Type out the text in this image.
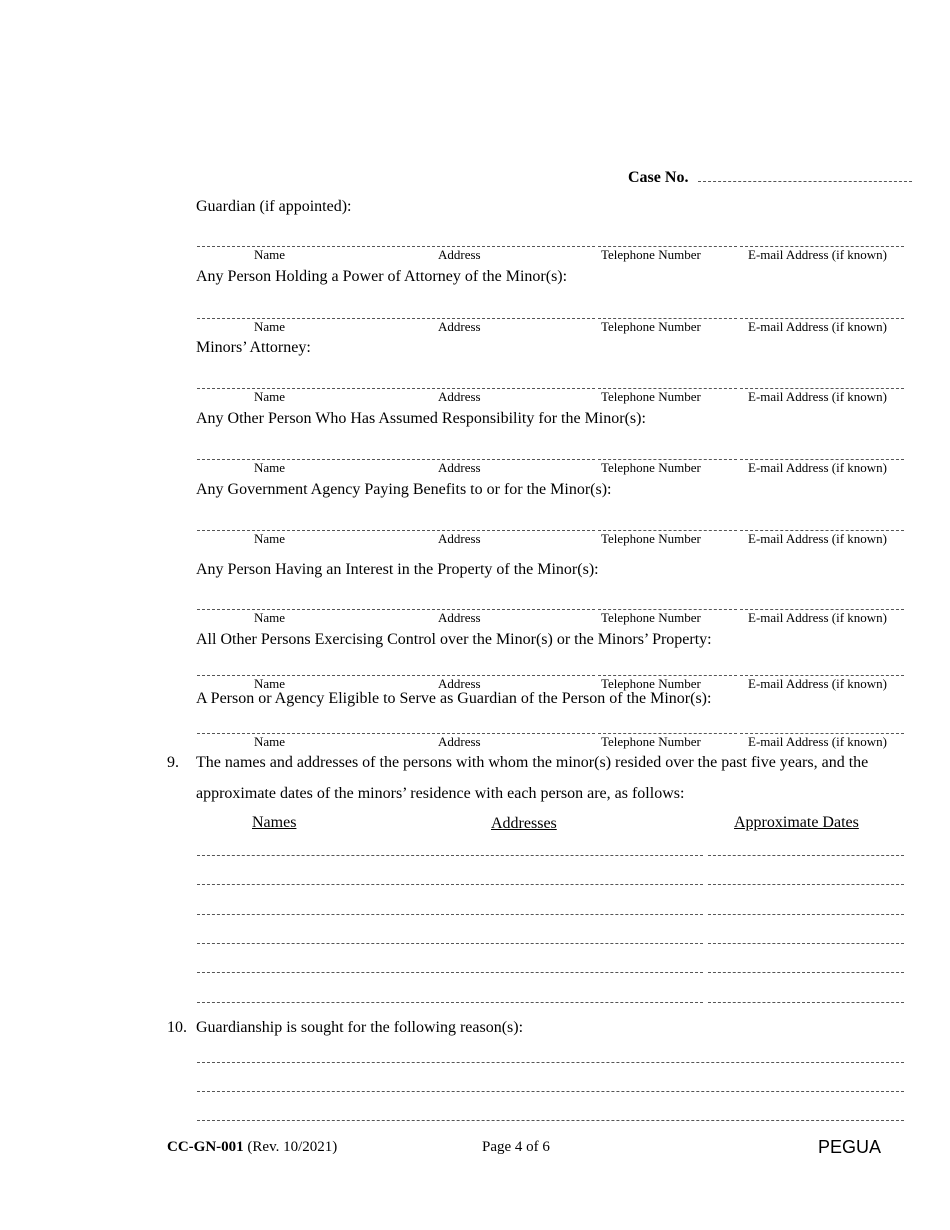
Case No.
Guardian (if appointed):
Name	Address	Telephone Number	E-mail Address (if known)
Any Person Holding a Power of Attorney of the Minor(s):
Name	Address	Telephone Number	E-mail Address (if known)
Minors’ Attorney:
Name	Address	Telephone Number	E-mail Address (if known)
Any Other Person Who Has Assumed Responsibility for the Minor(s):
Name	Address	Telephone Number	E-mail Address (if known)
Any Government Agency Paying Benefits to or for the Minor(s):
Name	Address	Telephone Number	E-mail Address (if known)
Any Person Having an Interest in the Property of the Minor(s):
Name	Address	Telephone Number	E-mail Address (if known)
All Other Persons Exercising Control over the Minor(s) or the Minors’ Property:
Name	Address	Telephone Number	E-mail Address (if known)
A Person or Agency Eligible to Serve as Guardian of the Person of the Minor(s):
Name	Address	Telephone Number	E-mail Address (if known)
9. The names and addresses of the persons with whom the minor(s) resided over the past five years, and the approximate dates of the minors’ residence with each person are, as follows:
Names	Addresses	Approximate Dates
10. Guardianship is sought for the following reason(s):
CC-GN-001 (Rev. 10/2021)	Page 4 of 6	PEGUA
